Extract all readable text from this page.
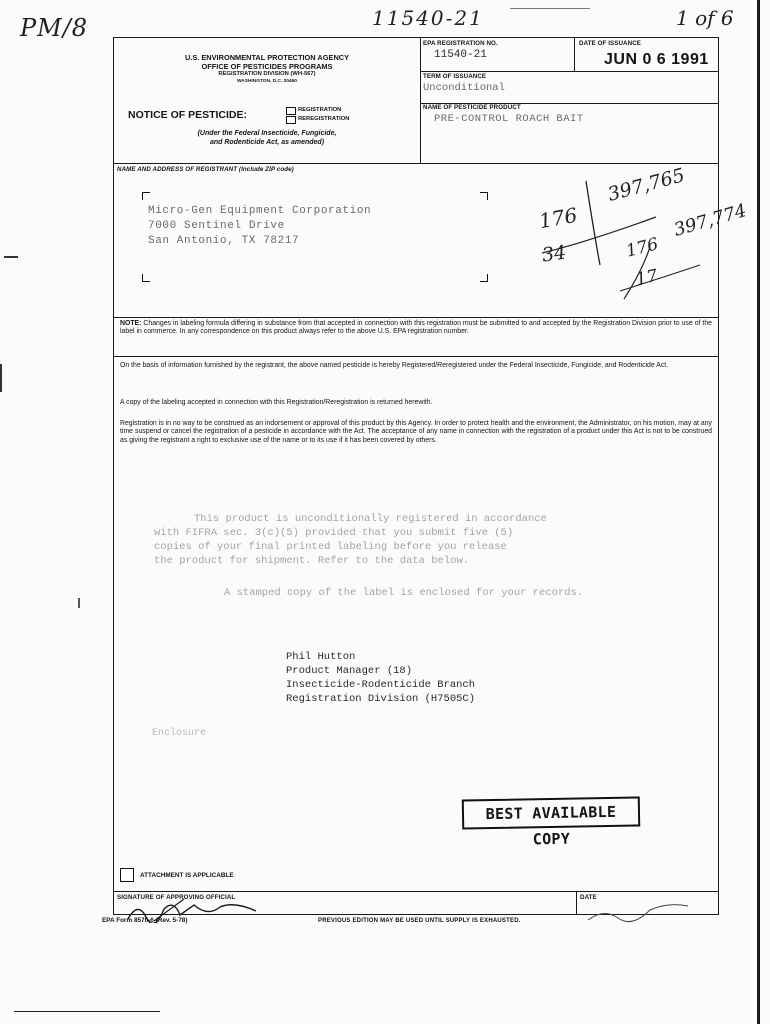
PM/8	11540-21	1 of 6
U.S. ENVIRONMENTAL PROTECTION AGENCY
OFFICE OF PESTICIDES PROGRAMS
REGISTRATION DIVISION (WH-567)
WASHINGTON, D.C. 20460
NOTICE OF PESTICIDE:	REGISTRATION
REREGISTRATION
(Under the Federal Insecticide, Fungicide,
and Rodenticide Act, as amended)
EPA REGISTRATION NO.
11540-21
DATE OF ISSUANCE
JUN 0 6 1991
TERM OF ISSUANCE
Unconditional
NAME OF PESTICIDE PRODUCT
PRE-CONTROL ROACH BAIT
NAME AND ADDRESS OF REGISTRANT (Include ZIP code)
Micro-Gen Equipment Corporation
7000 Sentinel Drive
San Antonio, TX 78217
176
397,765
34	176
397,774
17
NOTE: Changes in labeling formula differing in substance from that accepted in connection with this registration must be submitted to and accepted by the Registration Division prior to use of the label in commerce. In any correspondence on this product always refer to the above U.S. EPA registration number.
On the basis of information furnished by the registrant, the above named pesticide is hereby Registered/Reregistered under the Federal Insecticide, Fungicide, and Rodenticide Act.
A copy of the labeling accepted in connection with this Registration/Reregistration is returned herewith.
Registration is in no way to be construed as an indorsement or approval of this product by this Agency. In order to protect health and the environment, the Administrator, on his motion, may at any time suspend or cancel the registration of a pesticide in accordance with the Act. The acceptance of any name in connection with the registration of a product under this Act is not to be construed as giving the registrant a right to exclusive use of the name or to its use if it has been covered by others.
This product is unconditionally registered in accordance
with FIFRA sec. 3(c)(5) provided that you submit five (5)
copies of your final printed labeling before you release
the product for shipment. Refer to the data below.
A stamped copy of the label is enclosed for your records.
Phil Hutton
Product Manager (18)
Insecticide-Rodenticide Branch
Registration Division (H7505C)
Enclosure
BEST AVAILABLE COPY
ATTACHMENT IS APPLICABLE
SIGNATURE OF APPROVING OFFICIAL	DATE
EPA Form 8570-6 (Rev. 5-78)	PREVIOUS EDITION MAY BE USED UNTIL SUPPLY IS EXHAUSTED.
